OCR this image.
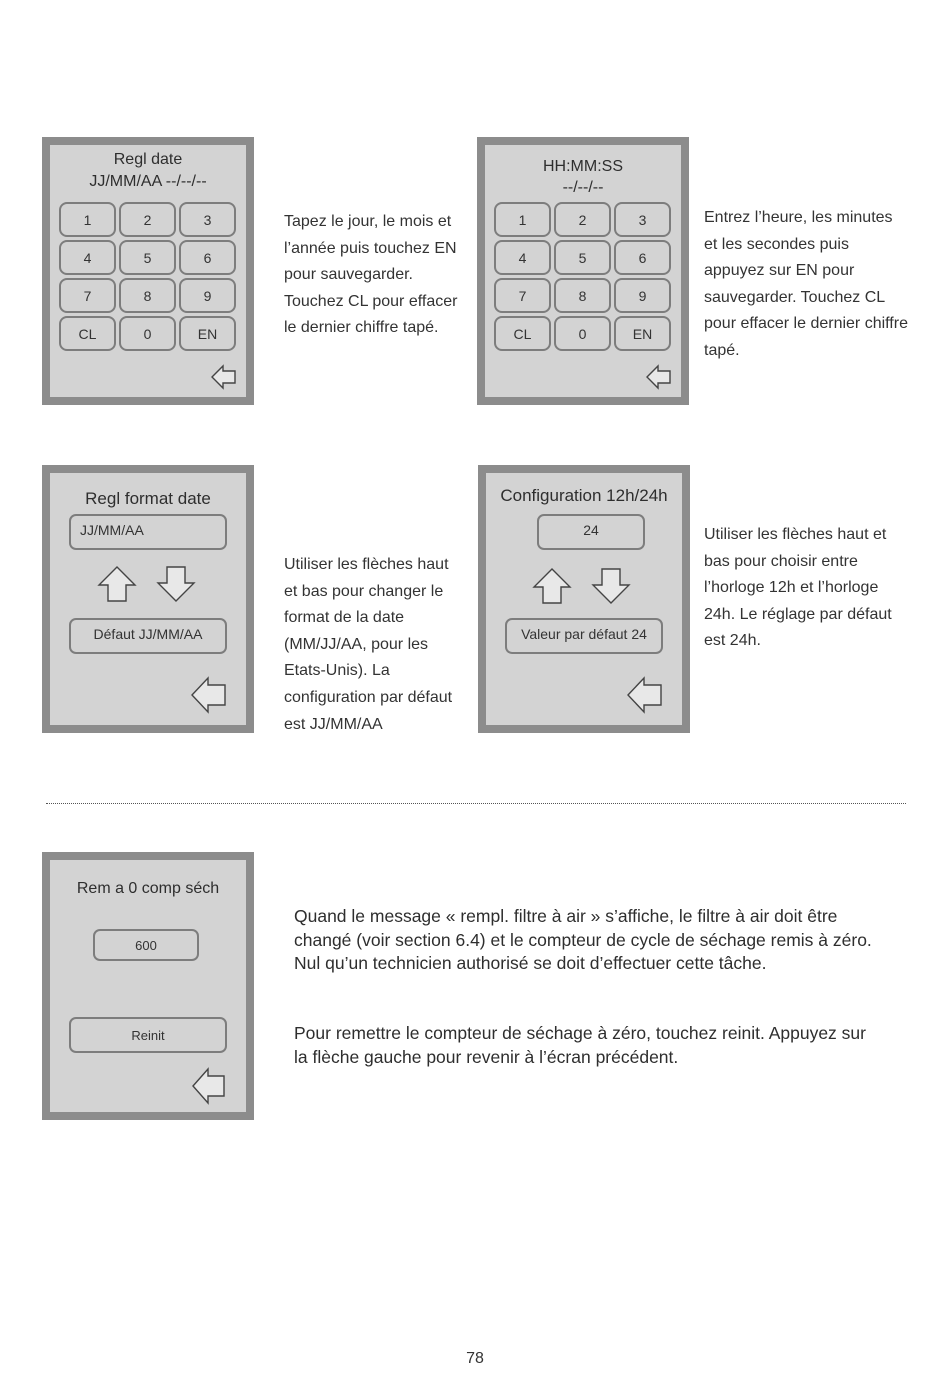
Regl date
JJ/MM/AA --/--/--
1	2	3
4	5	6
7	8	9
CL	0	EN
Tapez le jour, le mois et l’année puis touchez EN pour sauvegarder. Touchez CL pour effacer le dernier chiffre tapé.
HH:MM:SS
--/--/--
1	2	3
4	5	6
7	8	9
CL	0	EN
Entrez l’heure, les minutes et les secondes puis appuyez sur EN pour sauvegarder. Touchez CL pour effacer le dernier chiffre tapé.
Regl format date
JJ/MM/AA
Défaut JJ/MM/AA
Utiliser les flèches haut et bas pour changer le format de la date (MM/JJ/AA, pour les Etats-Unis). La configuration par défaut est JJ/MM/AA
Configuration 12h/24h
24
Valeur par défaut 24
Utiliser les flèches haut et bas pour choisir entre l’horloge 12h et l’horloge 24h. Le réglage par défaut est 24h.
Rem a 0 comp séch
600
Reinit

Quand le message « rempl. filtre à air » s’affiche, le filtre à air doit être changé (voir section 6.4) et le compteur de cycle de séchage remis à zéro. Nul qu’un technicien authorisé se doit d’effectuer cette tâche.

Pour remettre le compteur de séchage à zéro, touchez reinit. Appuyez sur la flèche gauche pour revenir à l’écran précédent.

78
